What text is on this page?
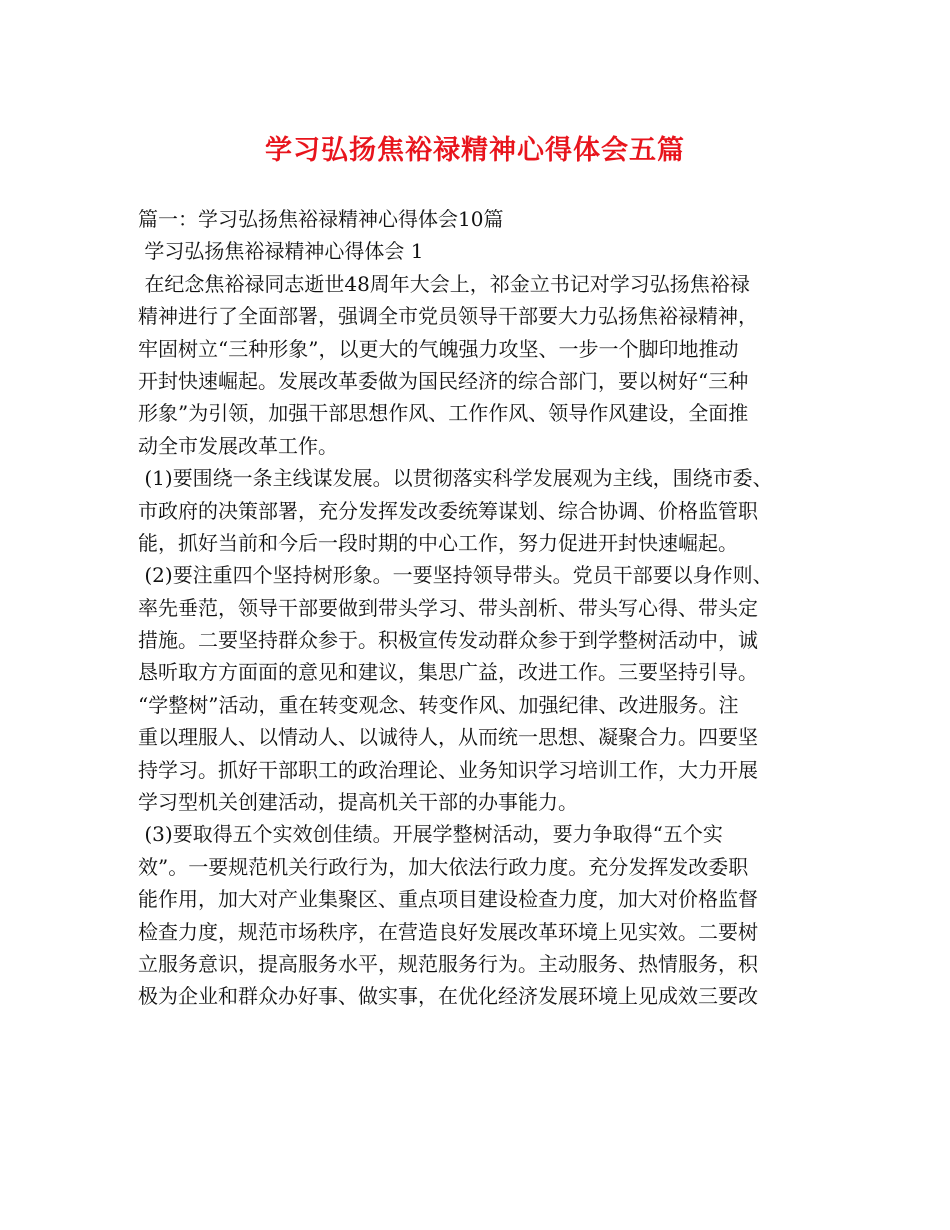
学习弘扬焦裕禄精神心得体会五篇
篇一：学习弘扬焦裕禄精神心得体会10篇
学习弘扬焦裕禄精神心得体会 1
在纪念焦裕禄同志逝世48周年大会上，祁金立书记对学习弘扬焦裕禄
精神进行了全面部署，强调全市党员领导干部要大力弘扬焦裕禄精神，
牢固树立“三种形象”，以更大的气魄强力攻坚、一步一个脚印地推动
开封快速崛起。发展改革委做为国民经济的综合部门，要以树好“三种
形象”为引领，加强干部思想作风、工作作风、领导作风建设，全面推
动全市发展改革工作。
(1)要围绕一条主线谋发展。以贯彻落实科学发展观为主线，围绕市委、
市政府的决策部署，充分发挥发改委统筹谋划、综合协调、价格监管职
能，抓好当前和今后一段时期的中心工作，努力促进开封快速崛起。
(2)要注重四个坚持树形象。一要坚持领导带头。党员干部要以身作则、
率先垂范，领导干部要做到带头学习、带头剖析、带头写心得、带头定
措施。二要坚持群众参于。积极宣传发动群众参于到学整树活动中，诚
恳听取方方面面的意见和建议，集思广益，改进工作。三要坚持引导。
“学整树”活动，重在转变观念、转变作风、加强纪律、改进服务。注
重以理服人、以情动人、以诚待人，从而统一思想、凝聚合力。四要坚
持学习。抓好干部职工的政治理论、业务知识学习培训工作，大力开展
学习型机关创建活动，提高机关干部的办事能力。
(3)要取得五个实效创佳绩。开展学整树活动，要力争取得“五个实
效”。一要规范机关行政行为，加大依法行政力度。充分发挥发改委职
能作用，加大对产业集聚区、重点项目建设检查力度，加大对价格监督
检查力度，规范市场秩序，在营造良好发展改革环境上见实效。二要树
立服务意识，提高服务水平，规范服务行为。主动服务、热情服务，积
极为企业和群众办好事、做实事，在优化经济发展环境上见成效三要改
